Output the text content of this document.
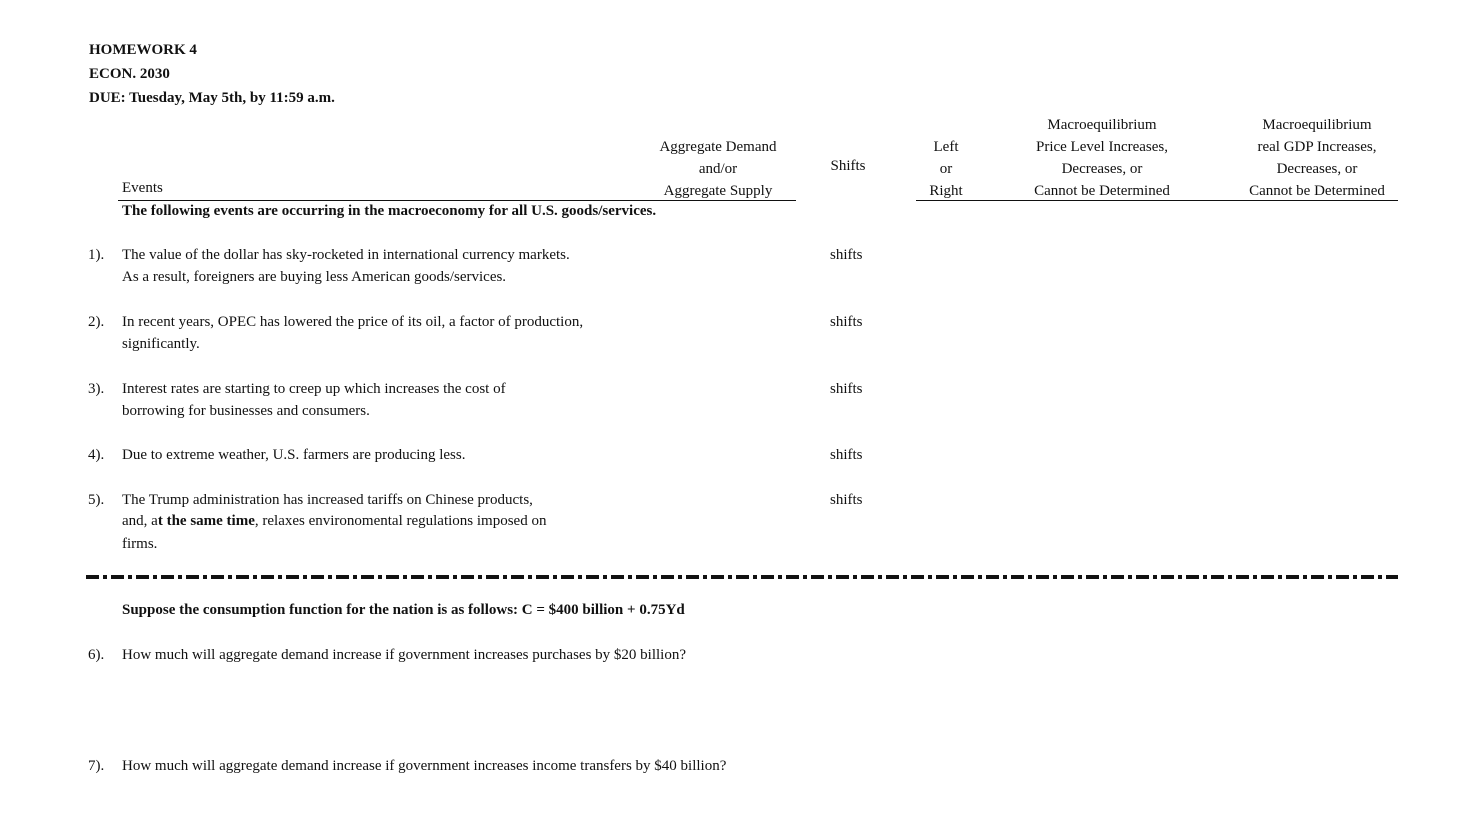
HOMEWORK 4
ECON. 2030
DUE: Tuesday, May 5th, by 11:59 a.m.
Events
Aggregate Demand
and/or
Aggregate Supply
Shifts
Left
or
Right
Macroequilibrium
Price Level Increases,
Decreases, or
Cannot be Determined
Macroequilibrium
real GDP Increases,
Decreases, or
Cannot be Determined
The following events are occurring in the macroeconomy for all U.S. goods/services.
1). The value of the dollar has sky-rocketed in international currency markets.
As a result, foreigners are buying less American goods/services.
shifts
2). In recent years, OPEC has lowered the price of its oil, a factor of production,
significantly.
shifts
3). Interest rates are starting to creep up which increases the cost of
borrowing for businesses and consumers.
shifts
4). Due to extreme weather, U.S. farmers are producing less.	shifts
5). The Trump administration has increased tariffs on Chinese products,
and, at the same time, relaxes environomental regulations imposed on
firms.
shifts
Suppose the consumption function for the nation is as follows: C = $400 billion + 0.75Yd
6). How much will aggregate demand increase if government increases purchases by $20 billion?
7). How much will aggregate demand increase if government increases income transfers by $40 billion?
